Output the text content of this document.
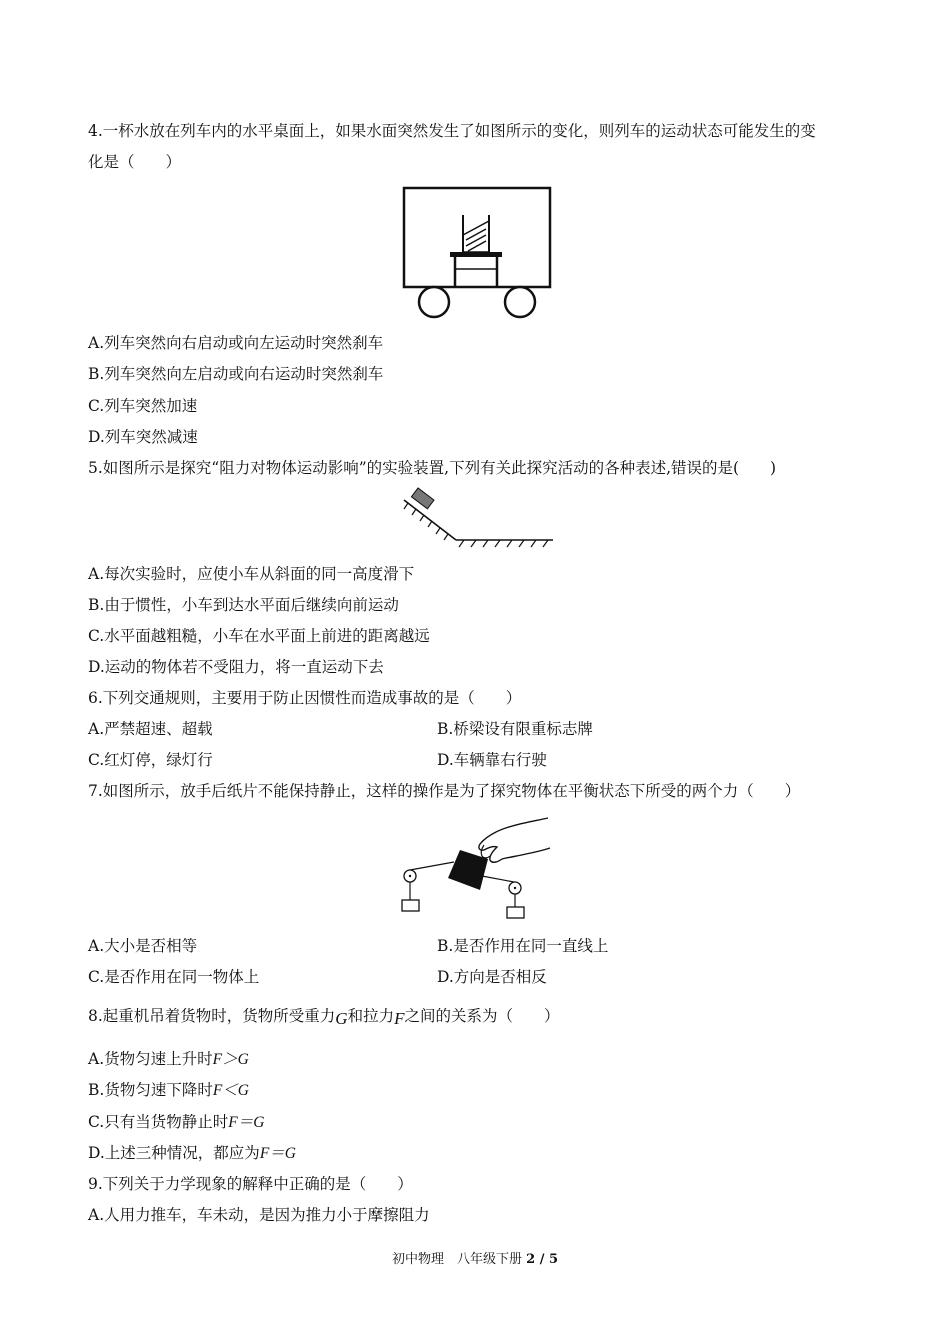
4.一杯水放在列车内的水平桌面上，如果水面突然发生了如图所示的变化，则列车的运动状态可能发生的变
化是（　　）
A.列车突然向右启动或向左运动时突然刹车
B.列车突然向左启动或向右运动时突然刹车
C.列车突然加速
D.列车突然减速
5.如图所示是探究“阻力对物体运动影响”的实验装置,下列有关此探究活动的各种表述,错误的是(　　)
A.每次实验时，应使小车从斜面的同一高度滑下
B.由于惯性，小车到达水平面后继续向前运动
C.水平面越粗糙，小车在水平面上前进的距离越远
D.运动的物体若不受阻力，将一直运动下去
6.下列交通规则，主要用于防止因惯性而造成事故的是（　　）
A.严禁超速、超载	B.桥梁设有限重标志牌
C.红灯停，绿灯行	D.车辆靠右行驶
7.如图所示，放手后纸片不能保持静止，这样的操作是为了探究物体在平衡状态下所受的两个力（　　）
A.大小是否相等	B.是否作用在同一直线上
C.是否作用在同一物体上	D.方向是否相反
8.起重机吊着货物时，货物所受重力G和拉力F之间的关系为（　　）
A.货物匀速上升时F＞G
B.货物匀速下降时F＜G
C.只有当货物静止时F＝G
D.上述三种情况，都应为F＝G
9.下列关于力学现象的解释中正确的是（　　）
A.人用力推车，车未动，是因为推力小于摩擦阻力
初中物理　八年级下册 2 / 5
